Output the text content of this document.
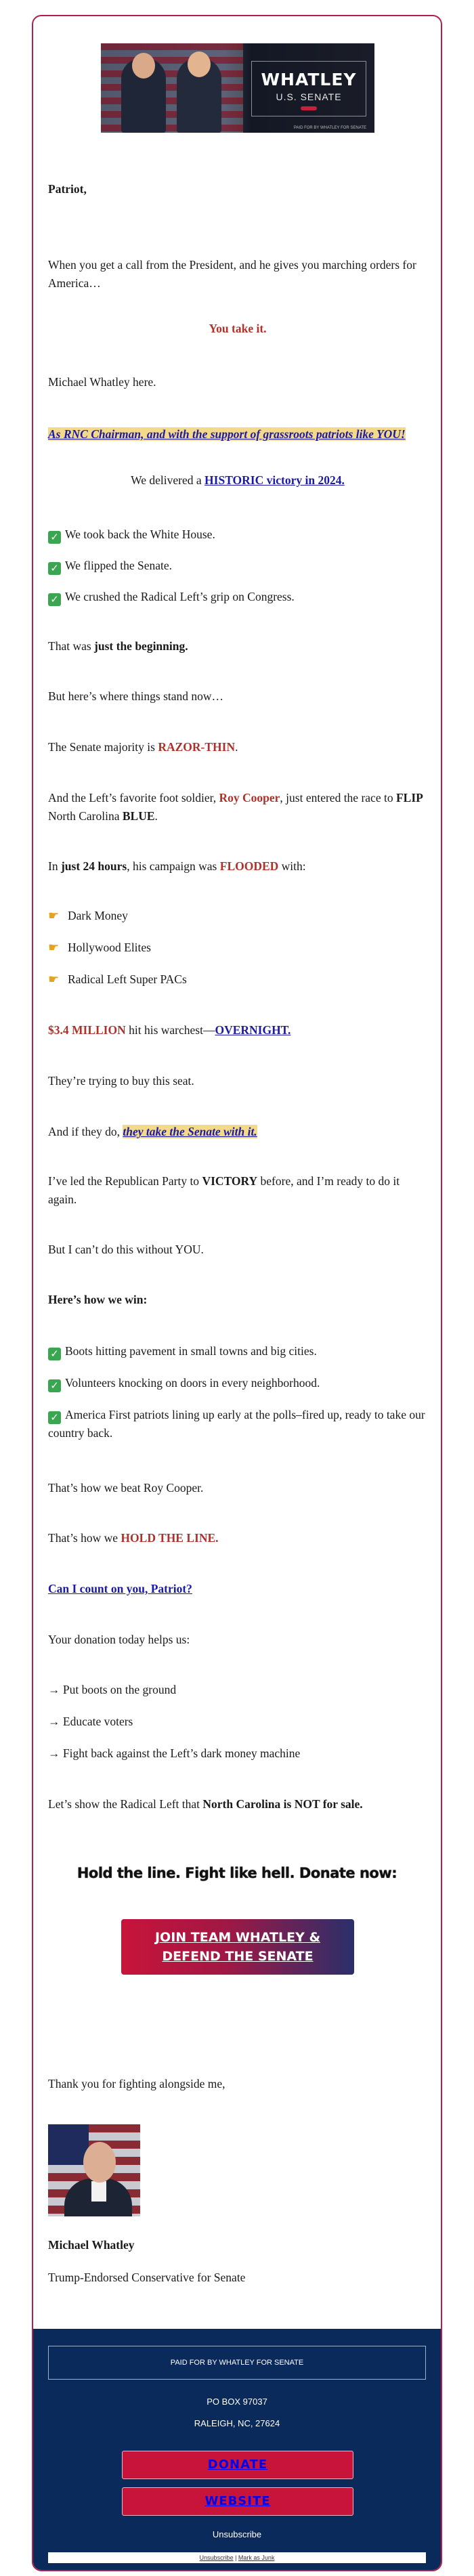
WHATLEY
U.S. SENATE
PAID FOR BY WHATLEY FOR SENATE

Patriot,

When you get a call from the President, and he gives you marching orders for America…

You take it.

Michael Whatley here.

As RNC Chairman, and with the support of grassroots patriots like YOU!

We delivered a HISTORIC victory in 2024.

✓ We took back the White House.

✓ We flipped the Senate.

✓ We crushed the Radical Left’s grip on Congress.

That was just the beginning.

But here’s where things stand now…

The Senate majority is RAZOR-THIN.

And the Left’s favorite foot soldier, Roy Cooper, just entered the race to FLIP North Carolina BLUE.

In just 24 hours, his campaign was FLOODED with:

☛ Dark Money

☛ Hollywood Elites

☛ Radical Left Super PACs

$3.4 MILLION hit his warchest—OVERNIGHT.

They’re trying to buy this seat.

And if they do, they take the Senate with it.

I’ve led the Republican Party to VICTORY before, and I’m ready to do it again.

But I can’t do this without YOU.

Here’s how we win:

✓ Boots hitting pavement in small towns and big cities.

✓ Volunteers knocking on doors in every neighborhood.

✓ America First patriots lining up early at the polls–fired up, ready to take our country back.

That’s how we beat Roy Cooper.

That’s how we HOLD THE LINE.

Can I count on you, Patriot?

Your donation today helps us:

→ Put boots on the ground

→ Educate voters

→ Fight back against the Left’s dark money machine

Let’s show the Radical Left that North Carolina is NOT for sale.

Hold the line. Fight like hell. Donate now:
JOIN TEAM WHATLEY & DEFEND THE SENATE

Thank you for fighting alongside me,

Michael Whatley

Trump-Endorsed Conservative for Senate

PAID FOR BY WHATLEY FOR SENATE
PO BOX 97037
RALEIGH, NC, 27624
DONATE
WEBSITE
Unsubscribe
Unsubscribe | Mark as Junk
